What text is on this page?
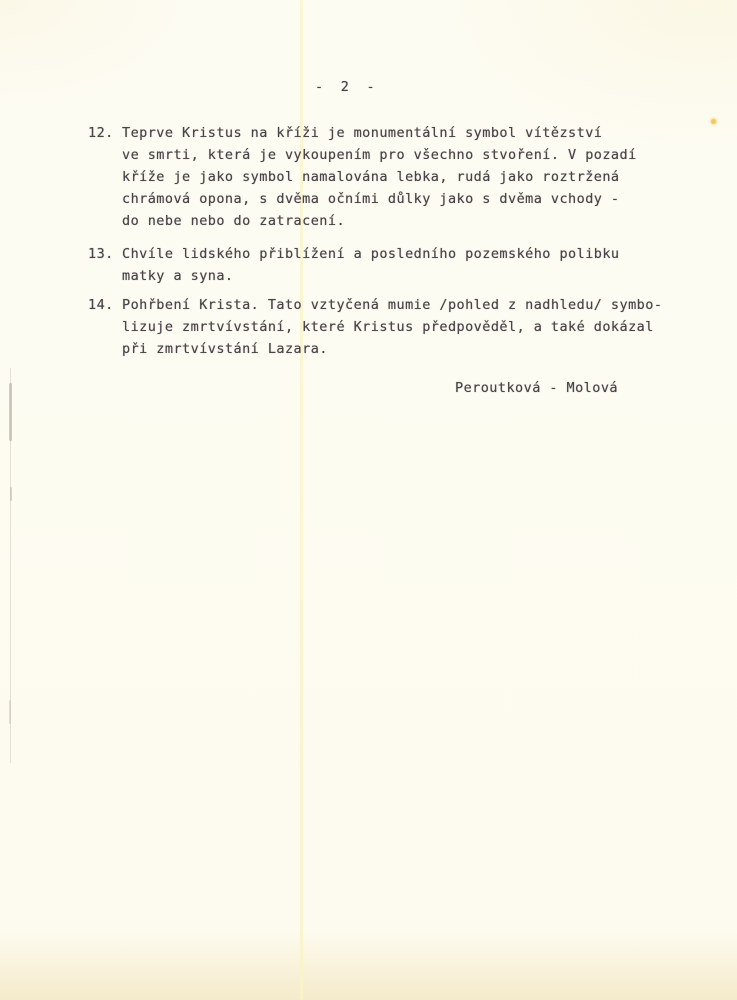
-  2  -
12. Teprve Kristus na kříži je monumentální symbol vítězství
ve smrti, která je vykoupením pro všechno stvoření. V pozadí
kříže je jako symbol namalována lebka, rudá jako roztržená
chrámová opona, s dvěma očními důlky jako s dvěma vchody -
do nebe nebo do zatracení.
13. Chvíle lidského přiblížení a posledního pozemského polibku
matky a syna.
14. Pohřbení Krista. Tato vztyčená mumie /pohled z nadhledu/ symbo-
lizuje zmrtvívstání, které Kristus předpověděl, a také dokázal
při zmrtvívstání Lazara.
Peroutková - Molová
